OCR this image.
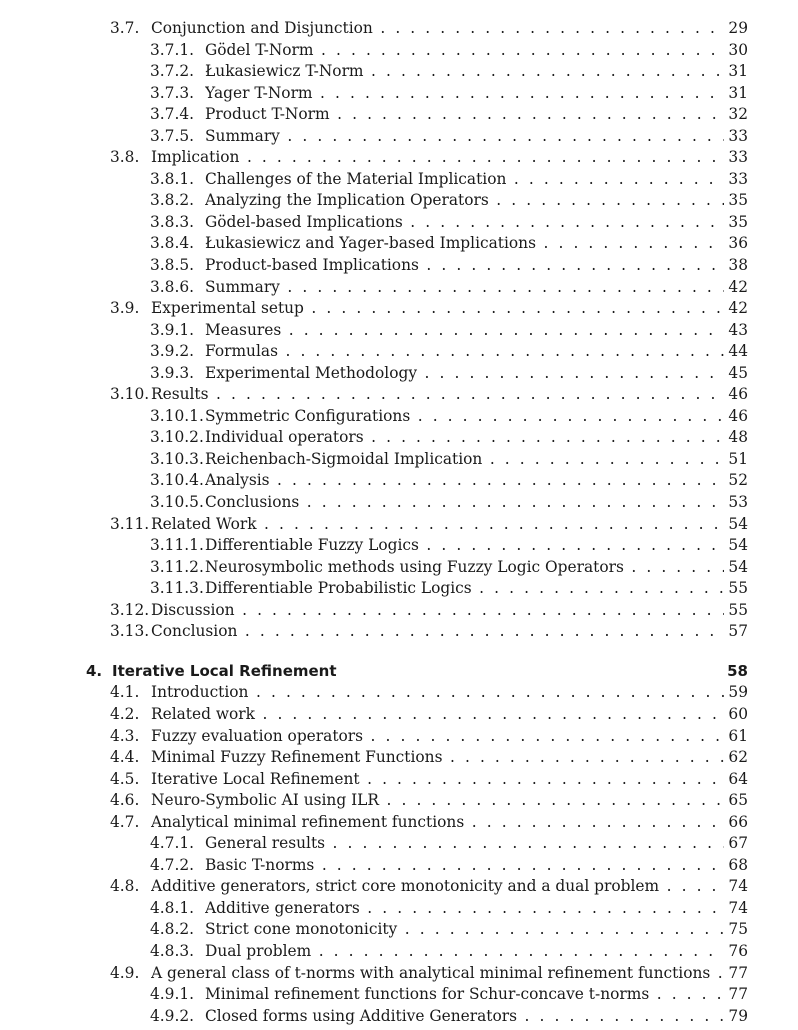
3.7. Conjunction and Disjunction . . .	29
3.7.1. Gödel T-Norm . . .	30
3.7.2. Łukasiewicz T-Norm . . .	31
3.7.3. Yager T-Norm . . .	31
3.7.4. Product T-Norm . . .	32
3.7.5. Summary . . .	33
3.8. Implication . . .	33
3.8.1. Challenges of the Material Implication . . .	33
3.8.2. Analyzing the Implication Operators . . .	35
3.8.3. Gödel-based Implications . . .	35
3.8.4. Łukasiewicz and Yager-based Implications . . .	36
3.8.5. Product-based Implications . . .	38
3.8.6. Summary . . .	42
3.9. Experimental setup . . .	42
3.9.1. Measures . . .	43
3.9.2. Formulas . . .	44
3.9.3. Experimental Methodology . . .	45
3.10. Results . . .	46
3.10.1. Symmetric Configurations . . .	46
3.10.2. Individual operators . . .	48
3.10.3. Reichenbach-Sigmoidal Implication . . .	51
3.10.4. Analysis . . .	52
3.10.5. Conclusions . . .	53
3.11. Related Work . . .	54
3.11.1. Differentiable Fuzzy Logics . . .	54
3.11.2. Neurosymbolic methods using Fuzzy Logic Operators . . .	54
3.11.3. Differentiable Probabilistic Logics . . .	55
3.12. Discussion . . .	55
3.13. Conclusion . . .	57
4. Iterative Local Refinement	58
4.1. Introduction . . .	59
4.2. Related work . . .	60
4.3. Fuzzy evaluation operators . . .	61
4.4. Minimal Fuzzy Refinement Functions . . .	62
4.5. Iterative Local Refinement . . .	64
4.6. Neuro-Symbolic AI using ILR . . .	65
4.7. Analytical minimal refinement functions . . .	66
4.7.1. General results . . .	67
4.7.2. Basic T-norms . . .	68
4.8. Additive generators, strict core monotonicity and a dual problem . . .	74
4.8.1. Additive generators . . .	74
4.8.2. Strict cone monotonicity . . .	75
4.8.3. Dual problem . . .	76
4.9. A general class of t-norms with analytical minimal refinement functions . . .	77
4.9.1. Minimal refinement functions for Schur-concave t-norms . . .	77
4.9.2. Closed forms using Additive Generators . . .	79
